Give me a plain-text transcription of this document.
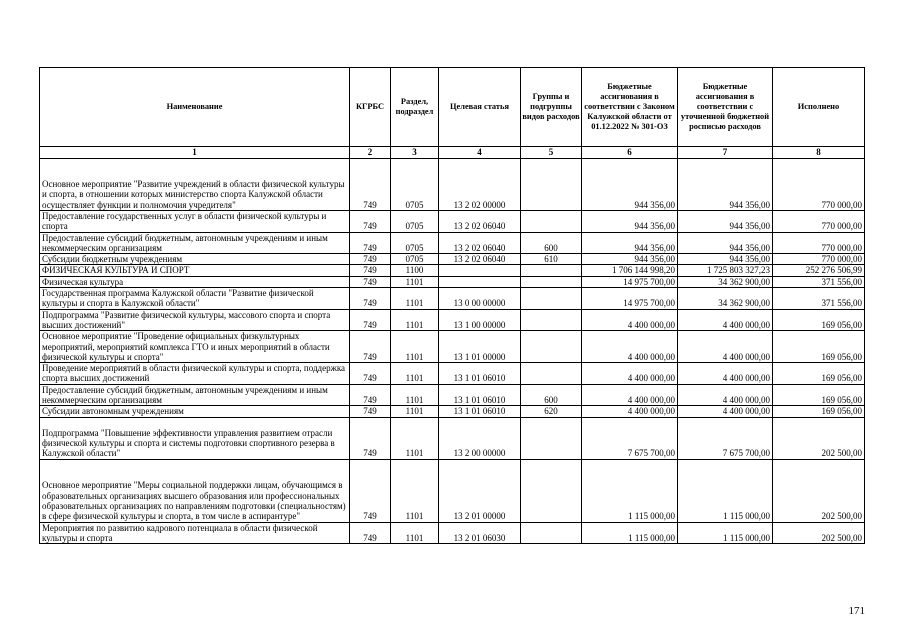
Наименование	КГРБС	Раздел, подраздел	Целевая статья	Группы и подгруппы видов расходов	Бюджетные ассигнования в соответствии с Законом Калужской области от 01.12.2022 № 301-ОЗ	Бюджетные ассигнования в соответствии с уточненной бюджетной росписью расходов	Исполнено
1	2	3	4	5	6	7	8
Основное мероприятие "Развитие учреждений в области физической культуры и спорта, в отношении которых министерство спорта Калужской области осуществляет функции и полномочия учредителя"	749	0705	13 2 02 00000		944 356,00	944 356,00	770 000,00
Предоставление государственных услуг в области физической культуры и спорта	749	0705	13 2 02 06040		944 356,00	944 356,00	770 000,00
Предоставление субсидий бюджетным, автономным учреждениям и иным некоммерческим организациям	749	0705	13 2 02 06040	600	944 356,00	944 356,00	770 000,00
Субсидии бюджетным учреждениям	749	0705	13 2 02 06040	610	944 356,00	944 356,00	770 000,00
ФИЗИЧЕСКАЯ КУЛЬТУРА И СПОРТ	749	1100			1 706 144 998,20	1 725 803 327,23	252 276 506,99
Физическая культура	749	1101			14 975 700,00	34 362 900,00	371 556,00
Государственная программа Калужской области "Развитие физической культуры и спорта в Калужской области"	749	1101	13 0 00 00000		14 975 700,00	34 362 900,00	371 556,00
Подпрограмма "Развитие физической культуры, массового спорта и спорта высших достижений"	749	1101	13 1 00 00000		4 400 000,00	4 400 000,00	169 056,00
Основное мероприятие "Проведение официальных физкультурных мероприятий, мероприятий комплекса ГТО и иных мероприятий в области физической культуры и спорта"	749	1101	13 1 01 00000		4 400 000,00	4 400 000,00	169 056,00
Проведение мероприятий в области физической культуры и спорта, поддержка спорта высших достижений	749	1101	13 1 01 06010		4 400 000,00	4 400 000,00	169 056,00
Предоставление субсидий бюджетным, автономным учреждениям и иным некоммерческим организациям	749	1101	13 1 01 06010	600	4 400 000,00	4 400 000,00	169 056,00
Субсидии автономным учреждениям	749	1101	13 1 01 06010	620	4 400 000,00	4 400 000,00	169 056,00
Подпрограмма "Повышение эффективности управления развитием отрасли физической культуры и спорта и системы подготовки спортивного резерва в Калужской области"	749	1101	13 2 00 00000		7 675 700,00	7 675 700,00	202 500,00
Основное мероприятие "Меры социальной поддержки лицам, обучающимся в образовательных организациях высшего образования или профессиональных образовательных организациях по направлениям подготовки (специальностям) в сфере физической культуры и спорта, в том числе в аспирантуре"	749	1101	13 2 01 00000		1 115 000,00	1 115 000,00	202 500,00
Мероприятия по развитию кадрового потенциала в области физической культуры и спорта	749	1101	13 2 01 06030		1 115 000,00	1 115 000,00	202 500,00
171
